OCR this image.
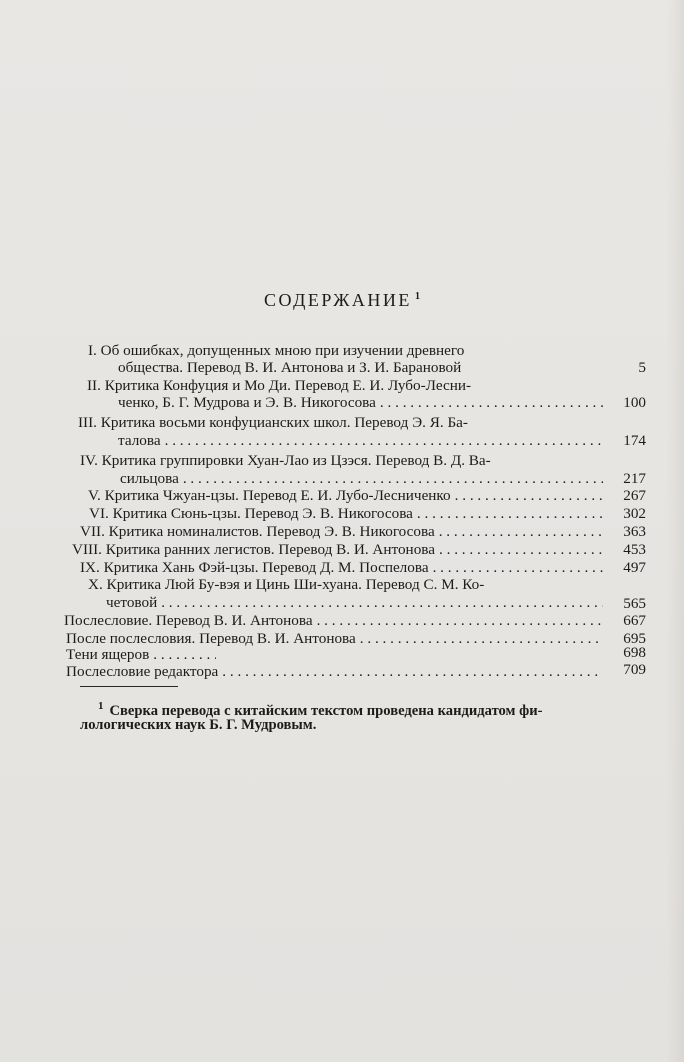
СОДЕРЖАНИЕ $^1$
I. Об ошибках, допущенных мною при изучении древнего
общества. Перевод В. И. Антонова и З. И. Барановой	5
II. Критика Конфуция и Мо Ди. Перевод Е. И. Лубо-Лесни-
ченко, Б. Г. Мудрова и Э. В. Никогосова . . .	100
III. Критика восьми конфуцианских школ. Перевод Э. Я. Ба-
талова . . .	174
IV. Критика группировки Хуан-Лао из Цзэся. Перевод В. Д. Ва-
сильцова . . .	217
V. Критика Чжуан-цзы. Перевод Е. И. Лубо-Лесниченко . . .	267
VI. Критика Сюнь-цзы. Перевод Э. В. Никогосова . . .	302
VII. Критика номиналистов. Перевод Э. В. Никогосова . . .	363
VIII. Критика ранних легистов. Перевод В. И. Антонова . . .	453
IX. Критика Хань Фэй-цзы. Перевод Д. М. Поспелова . . .	497
X. Критика Люй Бу-вэя и Цинь Ши-хуана. Перевод С. М. Ко-
четовой . . .	565
Послесловие. Перевод В. И. Антонова . . .	667
После послесловия. Перевод В. И. Антонова . . .	695
Тени ящеров . . .	698
Послесловие редактора . . .	709
$^1$ Сверка перевода с китайским текстом проведена кандидатом фи-
лологических наук Б. Г. Мудровым.
